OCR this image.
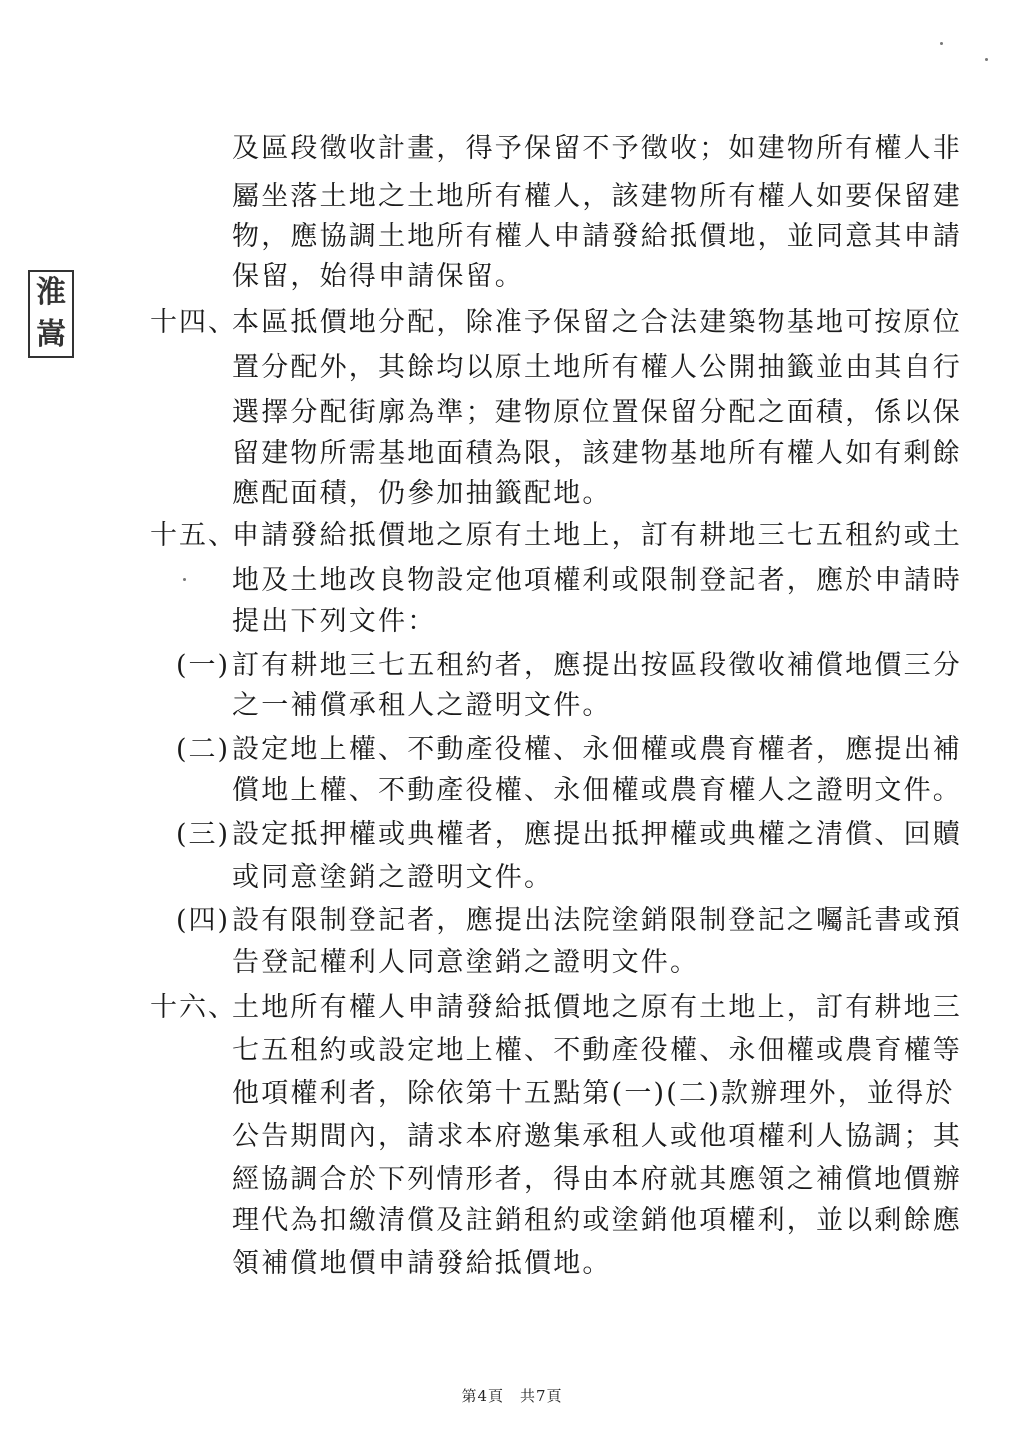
淮
嵩
及區段徵收計畫，得予保留不予徵收；如建物所有權人非
屬坐落土地之土地所有權人，該建物所有權人如要保留建
物，應協調土地所有權人申請發給抵價地，並同意其申請
保留，始得申請保留。
十四、
本區抵價地分配，除准予保留之合法建築物基地可按原位
置分配外，其餘均以原土地所有權人公開抽籤並由其自行
選擇分配街廓為準；建物原位置保留分配之面積，係以保
留建物所需基地面積為限，該建物基地所有權人如有剩餘
應配面積，仍參加抽籤配地。
十五、
申請發給抵價地之原有土地上，訂有耕地三七五租約或土
地及土地改良物設定他項權利或限制登記者，應於申請時
提出下列文件：
(一) 訂有耕地三七五租約者，應提出按區段徵收補償地價三分
之一補償承租人之證明文件。
(二) 設定地上權、不動產役權、永佃權或農育權者，應提出補
償地上權、不動產役權、永佃權或農育權人之證明文件。
(三) 設定抵押權或典權者，應提出抵押權或典權之清償、回贖
或同意塗銷之證明文件。
(四) 設有限制登記者，應提出法院塗銷限制登記之囑託書或預
告登記權利人同意塗銷之證明文件。
十六、
土地所有權人申請發給抵價地之原有土地上，訂有耕地三
七五租約或設定地上權、不動產役權、永佃權或農育權等
他項權利者，除依第十五點第(一)(二)款辦理外，並得於
公告期間內，請求本府邀集承租人或他項權利人協調；其
經協調合於下列情形者，得由本府就其應領之補償地價辦
理代為扣繳清償及註銷租約或塗銷他項權利，並以剩餘應
領補償地價申請發給抵價地。
第4頁　共7頁
